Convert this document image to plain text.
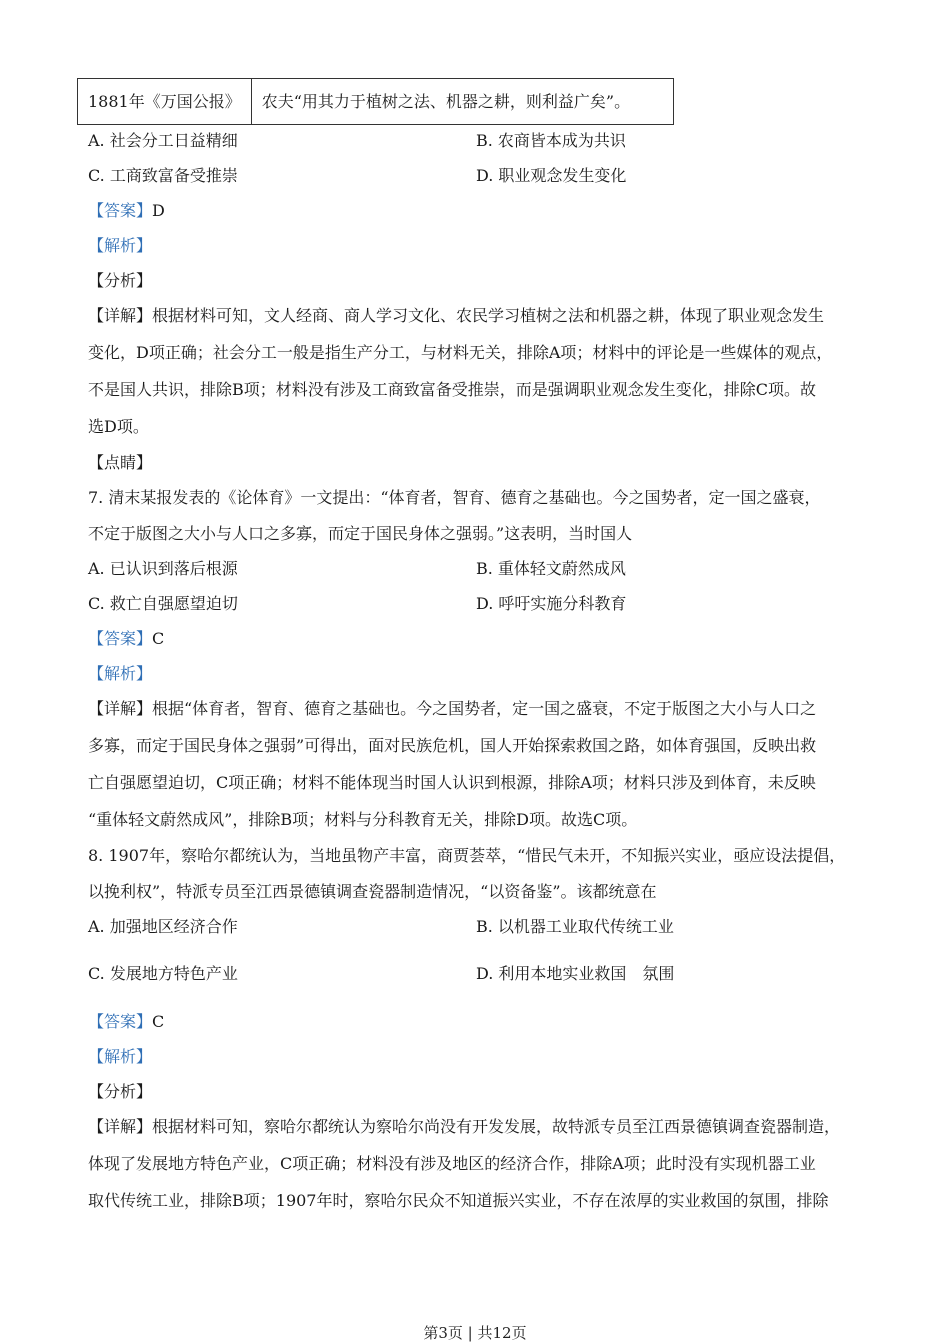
1881年《万国公报》	农夫“用其力于植树之法、机器之耕，则利益广矣”。
A. 社会分工日益精细	B. 农商皆本成为共识
C. 工商致富备受推崇	D. 职业观念发生变化
【答案】D
【解析】
【分析】
【详解】根据材料可知，文人经商、商人学习文化、农民学习植树之法和机器之耕，体现了职业观念发生
变化，D项正确；社会分工一般是指生产分工，与材料无关，排除A项；材料中的评论是一些媒体的观点，
不是国人共识，排除B项；材料没有涉及工商致富备受推崇，而是强调职业观念发生变化，排除C项。故
选D项。
【点睛】
7. 清末某报发表的《论体育》一文提出：“体育者，智育、德育之基础也。今之国势者，定一国之盛衰，
不定于版图之大小与人口之多寡，而定于国民身体之强弱。”这表明，当时国人
A. 已认识到落后根源	B. 重体轻文蔚然成风
C. 救亡自强愿望迫切	D. 呼吁实施分科教育
【答案】C
【解析】
【详解】根据“体育者，智育、德育之基础也。今之国势者，定一国之盛衰，不定于版图之大小与人口之
多寡，而定于国民身体之强弱”可得出，面对民族危机，国人开始探索救国之路，如体育强国，反映出救
亡自强愿望迫切，C项正确；材料不能体现当时国人认识到根源，排除A项；材料只涉及到体育，未反映
“重体轻文蔚然成风”，排除B项；材料与分科教育无关，排除D项。故选C项。
8. 1907年，察哈尔都统认为，当地虽物产丰富，商贾荟萃，“惜民气未开，不知振兴实业，亟应设法提倡，
以挽利权”，特派专员至江西景德镇调查瓷器制造情况，“以资备鉴”。该都统意在
A. 加强地区经济合作	B. 以机器工业取代传统工业
C. 发展地方特色产业	D. 利用本地实业救国　氛围
【答案】C
【解析】
【分析】
【详解】根据材料可知，察哈尔都统认为察哈尔尚没有开发发展，故特派专员至江西景德镇调查瓷器制造，
体现了发展地方特色产业，C项正确；材料没有涉及地区的经济合作，排除A项；此时没有实现机器工业
取代传统工业，排除B项；1907年时，察哈尔民众不知道振兴实业，不存在浓厚的实业救国的氛围，排除
第3页 | 共12页
